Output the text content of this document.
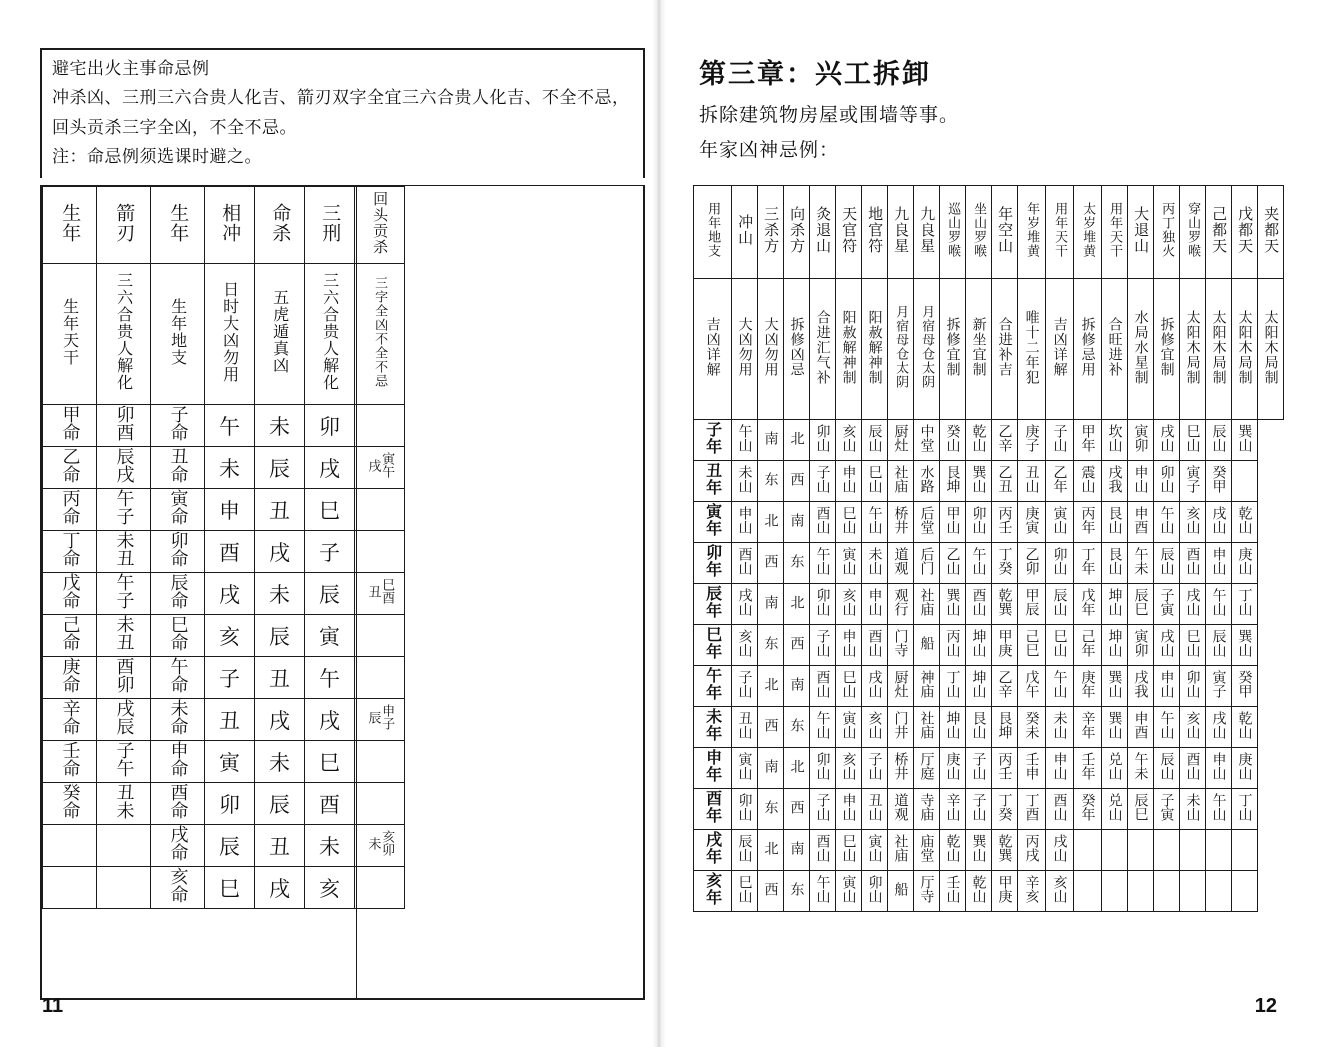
避宅出火主事命忌例

冲杀凶、三刑三六合贵人化吉、箭刃双字全宜三六合贵人化吉、不全不忌，

回头贡杀三字全凶，不全不忌。

注：命忌例须选课时避之。

生年	箭刃	生年	相冲	命杀	三刑	回头贡杀
生年天干	三六合贵人解化	生年地支	日时大凶勿用	五虎遁真凶	三六合贵人解化	三字全凶不全不忌
甲命	卯酉	子命	午	未	卯	
乙命	辰戌	丑命	未	辰	戌	寅午戌
丙命	午子	寅命	申	丑	巳	
丁命	未丑	卯命	酉	戌	子	
戊命	午子	辰命	戌	未	辰	巳酉丑
己命	未丑	巳命	亥	辰	寅	
庚命	酉卯	午命	子	丑	午	
辛命	戌辰	未命	丑	戌	戌	申子辰
壬命	子午	申命	寅	未	巳	
癸命	丑未	酉命	卯	辰	酉	
		戌命	辰	丑	未	亥卯未
		亥命	巳	戌	亥	
11
第三章：兴工拆卸
拆除建筑物房屋或围墙等事。
年家凶神忌例：
用年地支	冲山	三杀方	向杀方	灸退山	天官符	地官符	九良星	九良星	巡山罗喉	坐山罗喉	年空山	年岁堆黄	用年天干	太岁堆黄	用年天干	大退山	丙丁独火	穿山罗喉	己都天	戊都天	夹都天
吉凶详解	大凶勿用	大凶勿用	拆修凶忌	合进汇气补	阳赦解神制	阳赦解神制	月宿母仓太阴	月宿母仓太阴	拆修宜制	新坐宜制	合进补吉	唯十二年犯	吉凶详解	拆修忌用	合旺进补	水局水星制	拆修宜制	太阳木局制	太阳木局制	太阳木局制	太阳木局制
子年	午山	南	北	卯山	亥山	辰山	厨灶	中堂	癸山	乾山	乙辛	庚子	子山	甲年	坎山	寅卯	戌山	巳山	辰山	巽山	
丑年	未山	东	西	子山	申山	巳山	社庙	水路	艮坤	巽山	乙丑	丑山	乙年	震山	戌我	申山	卯山	寅子	癸甲		
寅年	申山	北	南	酉山	巳山	午山	桥井	后堂	甲山	卯山	丙壬	庚寅	寅山	丙年	艮山	申酉	午山	亥山	戌山	乾山	
卯年	酉山	西	东	午山	寅山	未山	道观	后门	乙山	午山	丁癸	乙卯	卯山	丁年	艮山	午未	辰山	酉山	申山	庚山	
辰年	戌山	南	北	卯山	亥山	申山	观行	社庙	巽山	酉山	乾巽	甲辰	辰山	戊年	坤山	辰巳	子寅	戌山	午山	丁山	
巳年	亥山	东	西	子山	申山	酉山	门寺	船	丙山	坤山	甲庚	己巳	巳山	己年	坤山	寅卯	戌山	巳山	辰山	巽山	
午年	子山	北	南	酉山	巳山	戌山	厨灶	神庙	丁山	坤山	乙辛	戊午	午山	庚年	巽山	戌我	申山	卯山	寅子	癸甲	
未年	丑山	西	东	午山	寅山	亥山	门井	社庙	坤山	艮山	艮坤	癸未	未山	辛年	巽山	申酉	午山	亥山	戌山	乾山	
申年	寅山	南	北	卯山	亥山	子山	桥井	厅庭	庚山	子山	丙壬	壬申	申山	壬年	兑山	午未	辰山	酉山	申山	庚山	
酉年	卯山	东	西	子山	申山	丑山	道观	寺庙	辛山	子山	丁癸	丁酉	酉山	癸年	兑山	辰巳	子寅	未山	午山	丁山	
戌年	辰山	北	南	酉山	巳山	寅山	社庙	庙堂	乾山	巽山	乾巽	丙戌	戌山								
亥年	巳山	西	东	午山	寅山	卯山	船	厅寺	壬山	乾山	甲庚	辛亥	亥山								
12
